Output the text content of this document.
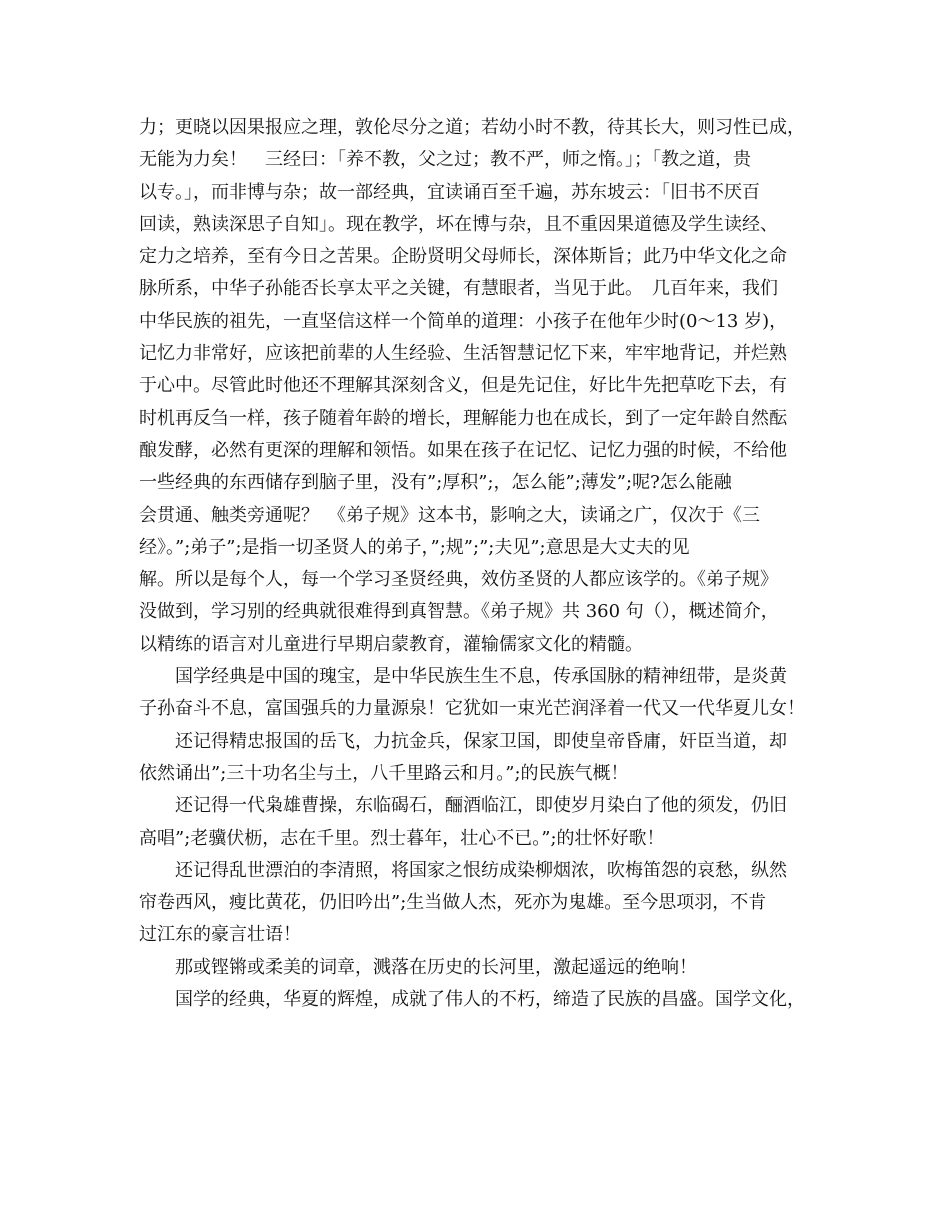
力；更晓以因果报应之理，敦伦尽分之道；若幼小时不教，待其长大，则习性已成，
无能为力矣！　三经曰：「养不教，父之过；教不严，师之惰。」；「教之道，贵
以专。」，而非博与杂；故一部经典，宜读诵百至千遍，苏东坡云：「旧书不厌百
回读，熟读深思子自知」。现在教学，坏在博与杂，且不重因果道德及学生读经、
定力之培养，至有今日之苦果。企盼贤明父母师长，深体斯旨；此乃中华文化之命
脉所系，中华子孙能否长享太平之关键，有慧眼者，当见于此。　几百年来，我们
中华民族的祖先，一直坚信这样一个简单的道理：小孩子在他年少时(0～13 岁)，
记忆力非常好，应该把前辈的人生经验、生活智慧记忆下来，牢牢地背记，并烂熟
于心中。尽管此时他还不理解其深刻含义，但是先记住，好比牛先把草吃下去，有
时机再反刍一样，孩子随着年龄的增长，理解能力也在成长，到了一定年龄自然酝
酿发酵，必然有更深的理解和领悟。如果在孩子在记忆、记忆力强的时候，不给他
一些经典的东西储存到脑子里，没有”;厚积”;，怎么能”;薄发”;呢?怎么能融
会贯通、触类旁通呢？　《弟子规》这本书，影响之大，读诵之广，仅次于《三
经》。”;弟子”;是指一切圣贤人的弟子，”;规”;”;夫见”;意思是大丈夫的见
解。所以是每个人，每一个学习圣贤经典，效仿圣贤的人都应该学的。《弟子规》
没做到，学习别的经典就很难得到真智慧。《弟子规》共 360 句（），概述简介，
以精练的语言对儿童进行早期启蒙教育，灌输儒家文化的精髓。
国学经典是中国的瑰宝，是中华民族生生不息，传承国脉的精神纽带，是炎黄
子孙奋斗不息，富国强兵的力量源泉！它犹如一束光芒润泽着一代又一代华夏儿女！
还记得精忠报国的岳飞，力抗金兵，保家卫国，即使皇帝昏庸，奸臣当道，却
依然诵出”;三十功名尘与土，八千里路云和月。”;的民族气概！
还记得一代枭雄曹操，东临碣石，酾酒临江，即使岁月染白了他的须发，仍旧
高唱”;老骥伏枥，志在千里。烈士暮年，壮心不已。”;的壮怀好歌！
还记得乱世漂泊的李清照，将国家之恨纺成染柳烟浓，吹梅笛怨的哀愁，纵然
帘卷西风，瘦比黄花，仍旧吟出”;生当做人杰，死亦为鬼雄。至今思项羽，不肯
过江东的豪言壮语！
那或铿锵或柔美的词章，溅落在历史的长河里，激起遥远的绝响！
国学的经典，华夏的辉煌，成就了伟人的不朽，缔造了民族的昌盛。国学文化，
